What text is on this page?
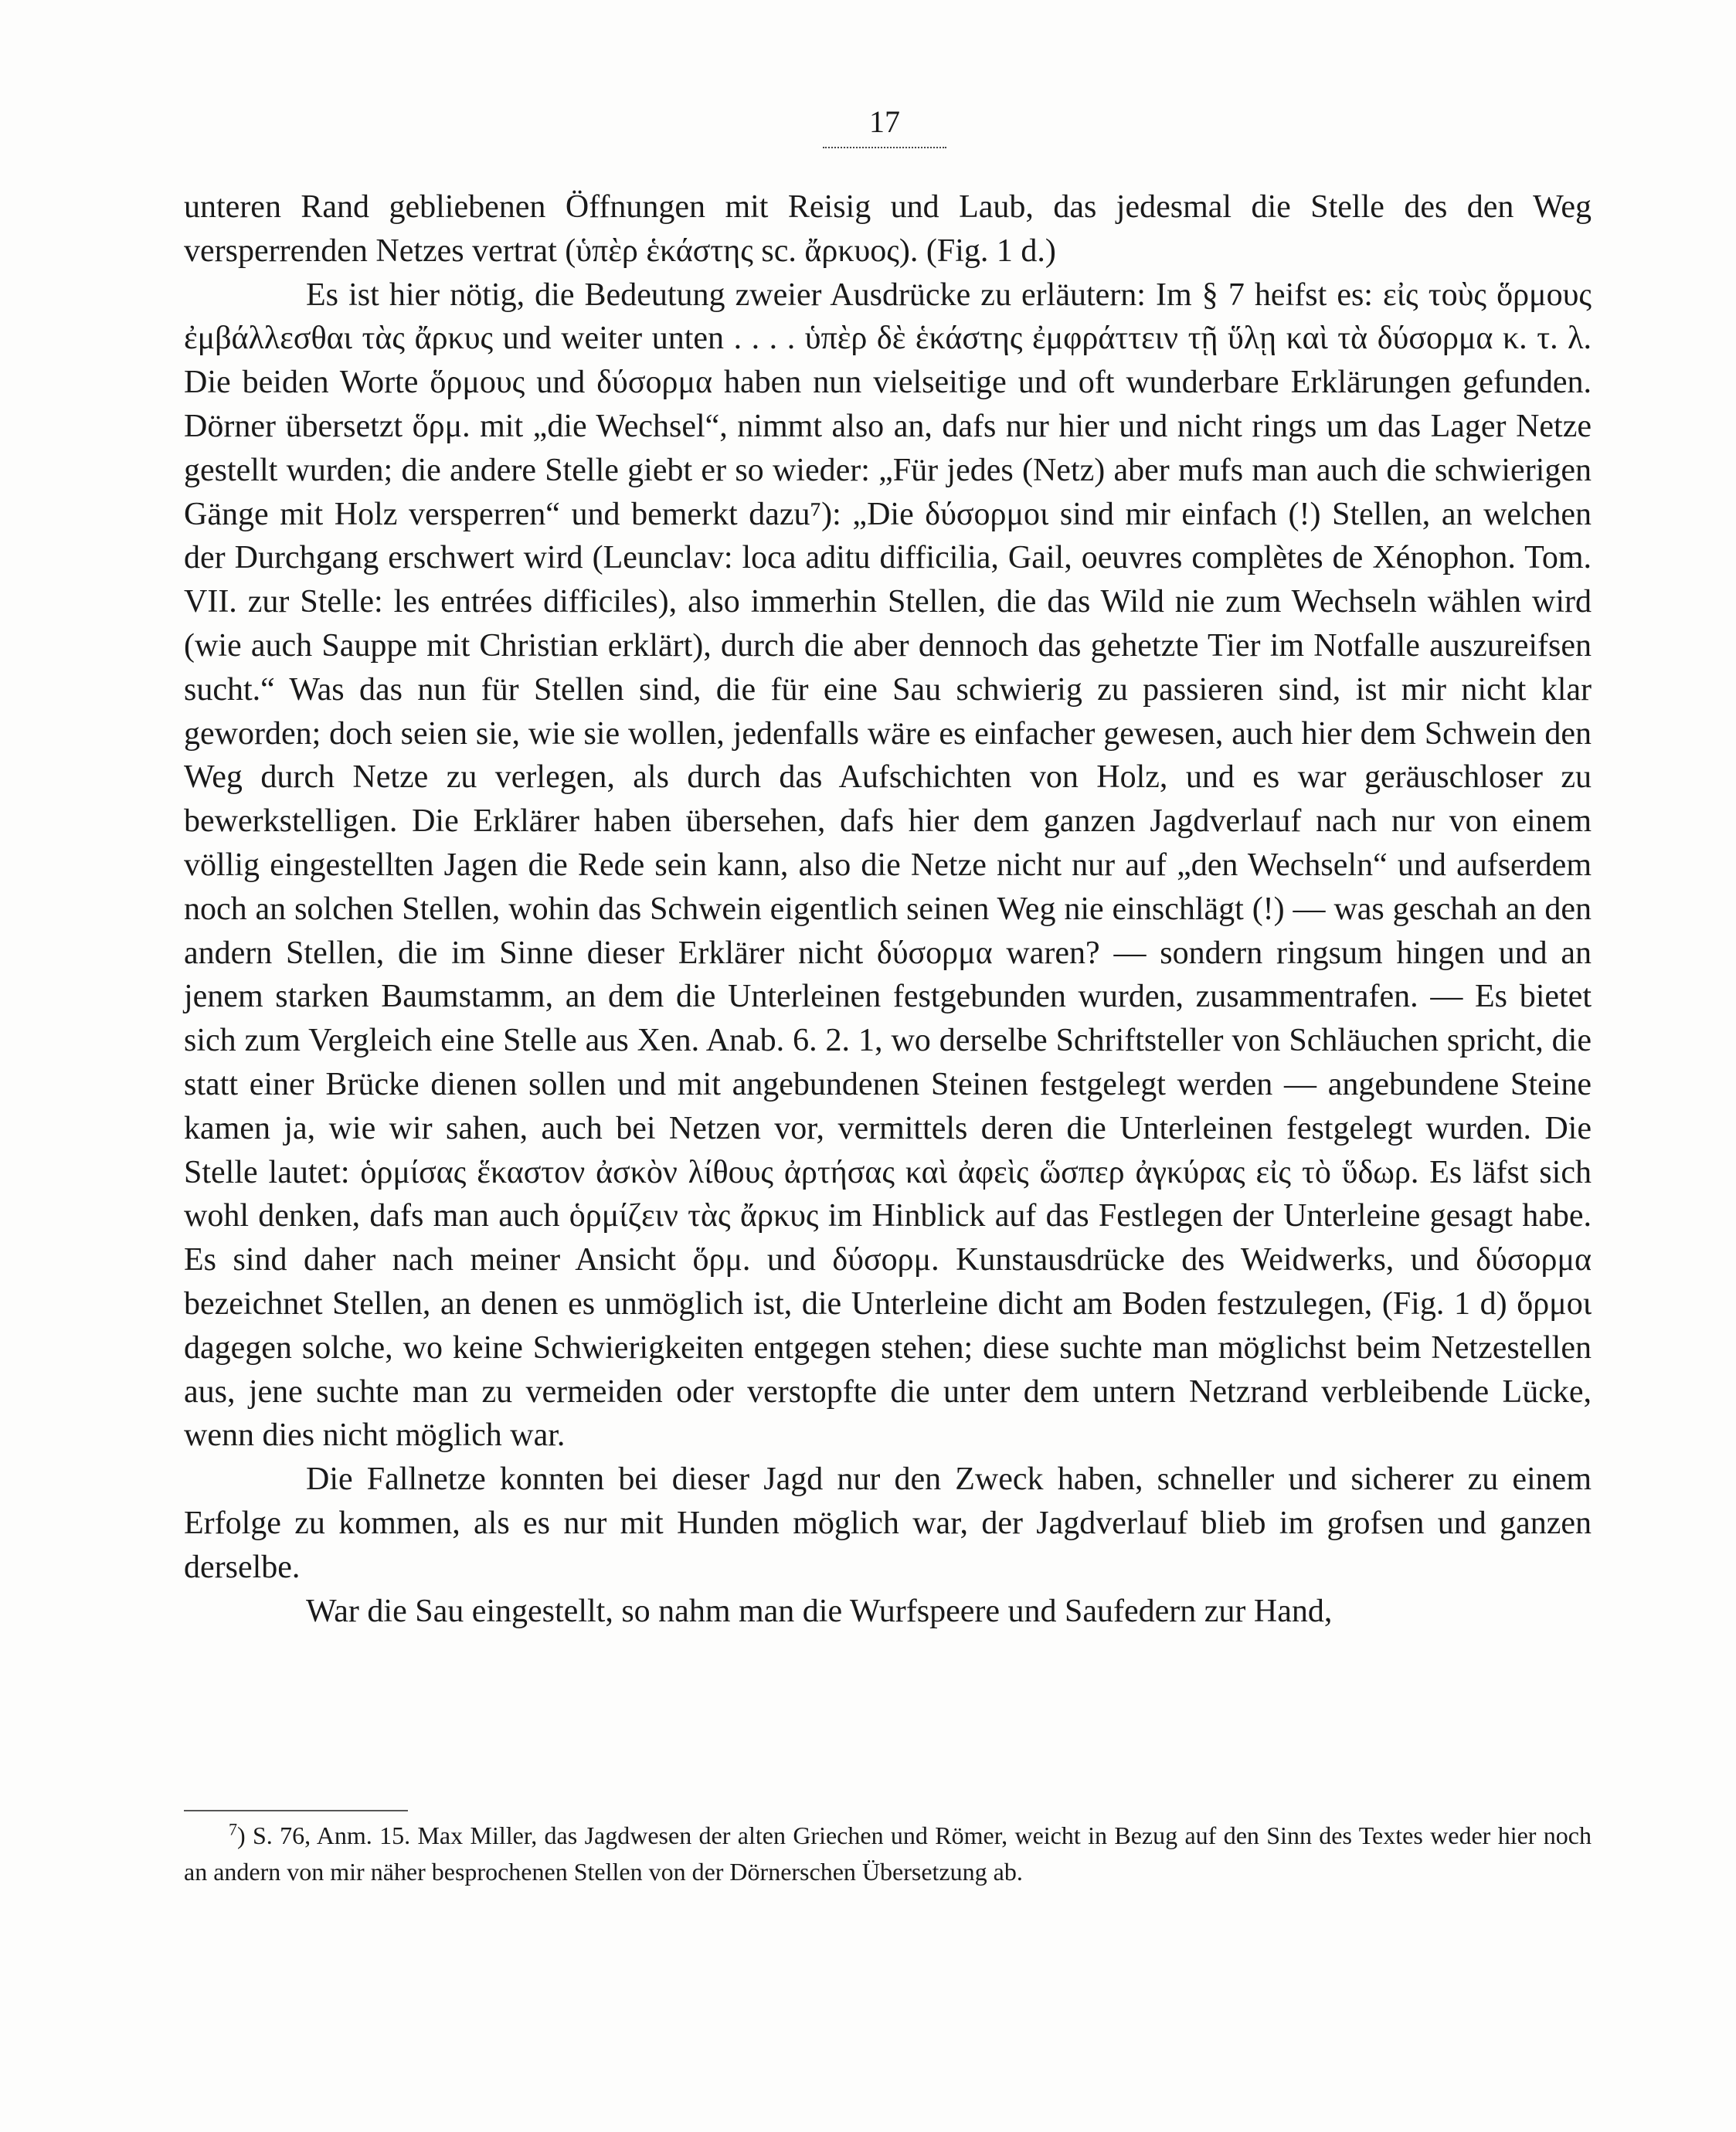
17

unteren Rand gebliebenen Öffnungen mit Reisig und Laub, das jedesmal die Stelle des den Weg versperrenden Netzes vertrat (ὑπὲρ ἑκάστης sc. ἄρκυος). (Fig. 1 d.)

Es ist hier nötig, die Bedeutung zweier Ausdrücke zu erläutern: Im § 7 heifst es: εἰς τοὺς ὅρμους ἐμβάλλεσθαι τὰς ἄρκυς und weiter unten . . . . ὑπὲρ δὲ ἑκάστης ἐμφράττειν τῇ ὕλῃ καὶ τὰ δύσορμα κ. τ. λ. Die beiden Worte ὅρμους und δύσορμα haben nun vielseitige und oft wunderbare Erklärungen gefunden. Dörner übersetzt ὅρμ. mit „die Wechsel“, nimmt also an, dafs nur hier und nicht rings um das Lager Netze gestellt wurden; die andere Stelle giebt er so wieder: „Für jedes (Netz) aber mufs man auch die schwierigen Gänge mit Holz versperren“ und bemerkt dazu⁷): „Die δύσορμοι sind mir einfach (!) Stellen, an welchen der Durchgang erschwert wird (Leunclav: loca aditu difficilia, Gail, oeuvres complètes de Xénophon. Tom. VII. zur Stelle: les entrées difficiles), also immerhin Stellen, die das Wild nie zum Wechseln wählen wird (wie auch Sauppe mit Christian erklärt), durch die aber dennoch das gehetzte Tier im Notfalle auszureifsen sucht.“ Was das nun für Stellen sind, die für eine Sau schwierig zu passieren sind, ist mir nicht klar geworden; doch seien sie, wie sie wollen, jedenfalls wäre es einfacher gewesen, auch hier dem Schwein den Weg durch Netze zu verlegen, als durch das Aufschichten von Holz, und es war geräuschloser zu bewerkstelligen. Die Erklärer haben übersehen, dafs hier dem ganzen Jagdverlauf nach nur von einem völlig eingestellten Jagen die Rede sein kann, also die Netze nicht nur auf „den Wechseln“ und aufserdem noch an solchen Stellen, wohin das Schwein eigentlich seinen Weg nie einschlägt (!) — was geschah an den andern Stellen, die im Sinne dieser Erklärer nicht δύσορμα waren? — sondern ringsum hingen und an jenem starken Baumstamm, an dem die Unterleinen festgebunden wurden, zusammentrafen. — Es bietet sich zum Vergleich eine Stelle aus Xen. Anab. 6. 2. 1, wo derselbe Schriftsteller von Schläuchen spricht, die statt einer Brücke dienen sollen und mit angebundenen Steinen festgelegt werden — angebundene Steine kamen ja, wie wir sahen, auch bei Netzen vor, vermittels deren die Unterleinen festgelegt wurden. Die Stelle lautet: ὁρμίσας ἕκαστον ἀσκὸν λίθους ἀρτήσας καὶ ἀφεὶς ὥσπερ ἀγκύρας εἰς τὸ ὕδωρ. Es läfst sich wohl denken, dafs man auch ὁρμίζειν τὰς ἄρκυς im Hinblick auf das Festlegen der Unterleine gesagt habe. Es sind daher nach meiner Ansicht ὅρμ. und δύσορμ. Kunstausdrücke des Weidwerks, und δύσορμα bezeichnet Stellen, an denen es unmöglich ist, die Unterleine dicht am Boden festzulegen, (Fig. 1 d) ὅρμοι dagegen solche, wo keine Schwierigkeiten entgegen stehen; diese suchte man möglichst beim Netzestellen aus, jene suchte man zu vermeiden oder verstopfte die unter dem untern Netzrand verbleibende Lücke, wenn dies nicht möglich war.

Die Fallnetze konnten bei dieser Jagd nur den Zweck haben, schneller und sicherer zu einem Erfolge zu kommen, als es nur mit Hunden möglich war, der Jagdverlauf blieb im grofsen und ganzen derselbe.

War die Sau eingestellt, so nahm man die Wurfspeere und Saufedern zur Hand,

$^7$) S. 76, Anm. 15. Max Miller, das Jagdwesen der alten Griechen und Römer, weicht in Bezug auf den Sinn des Textes weder hier noch an andern von mir näher besprochenen Stellen von der Dörnerschen Übersetzung ab.
